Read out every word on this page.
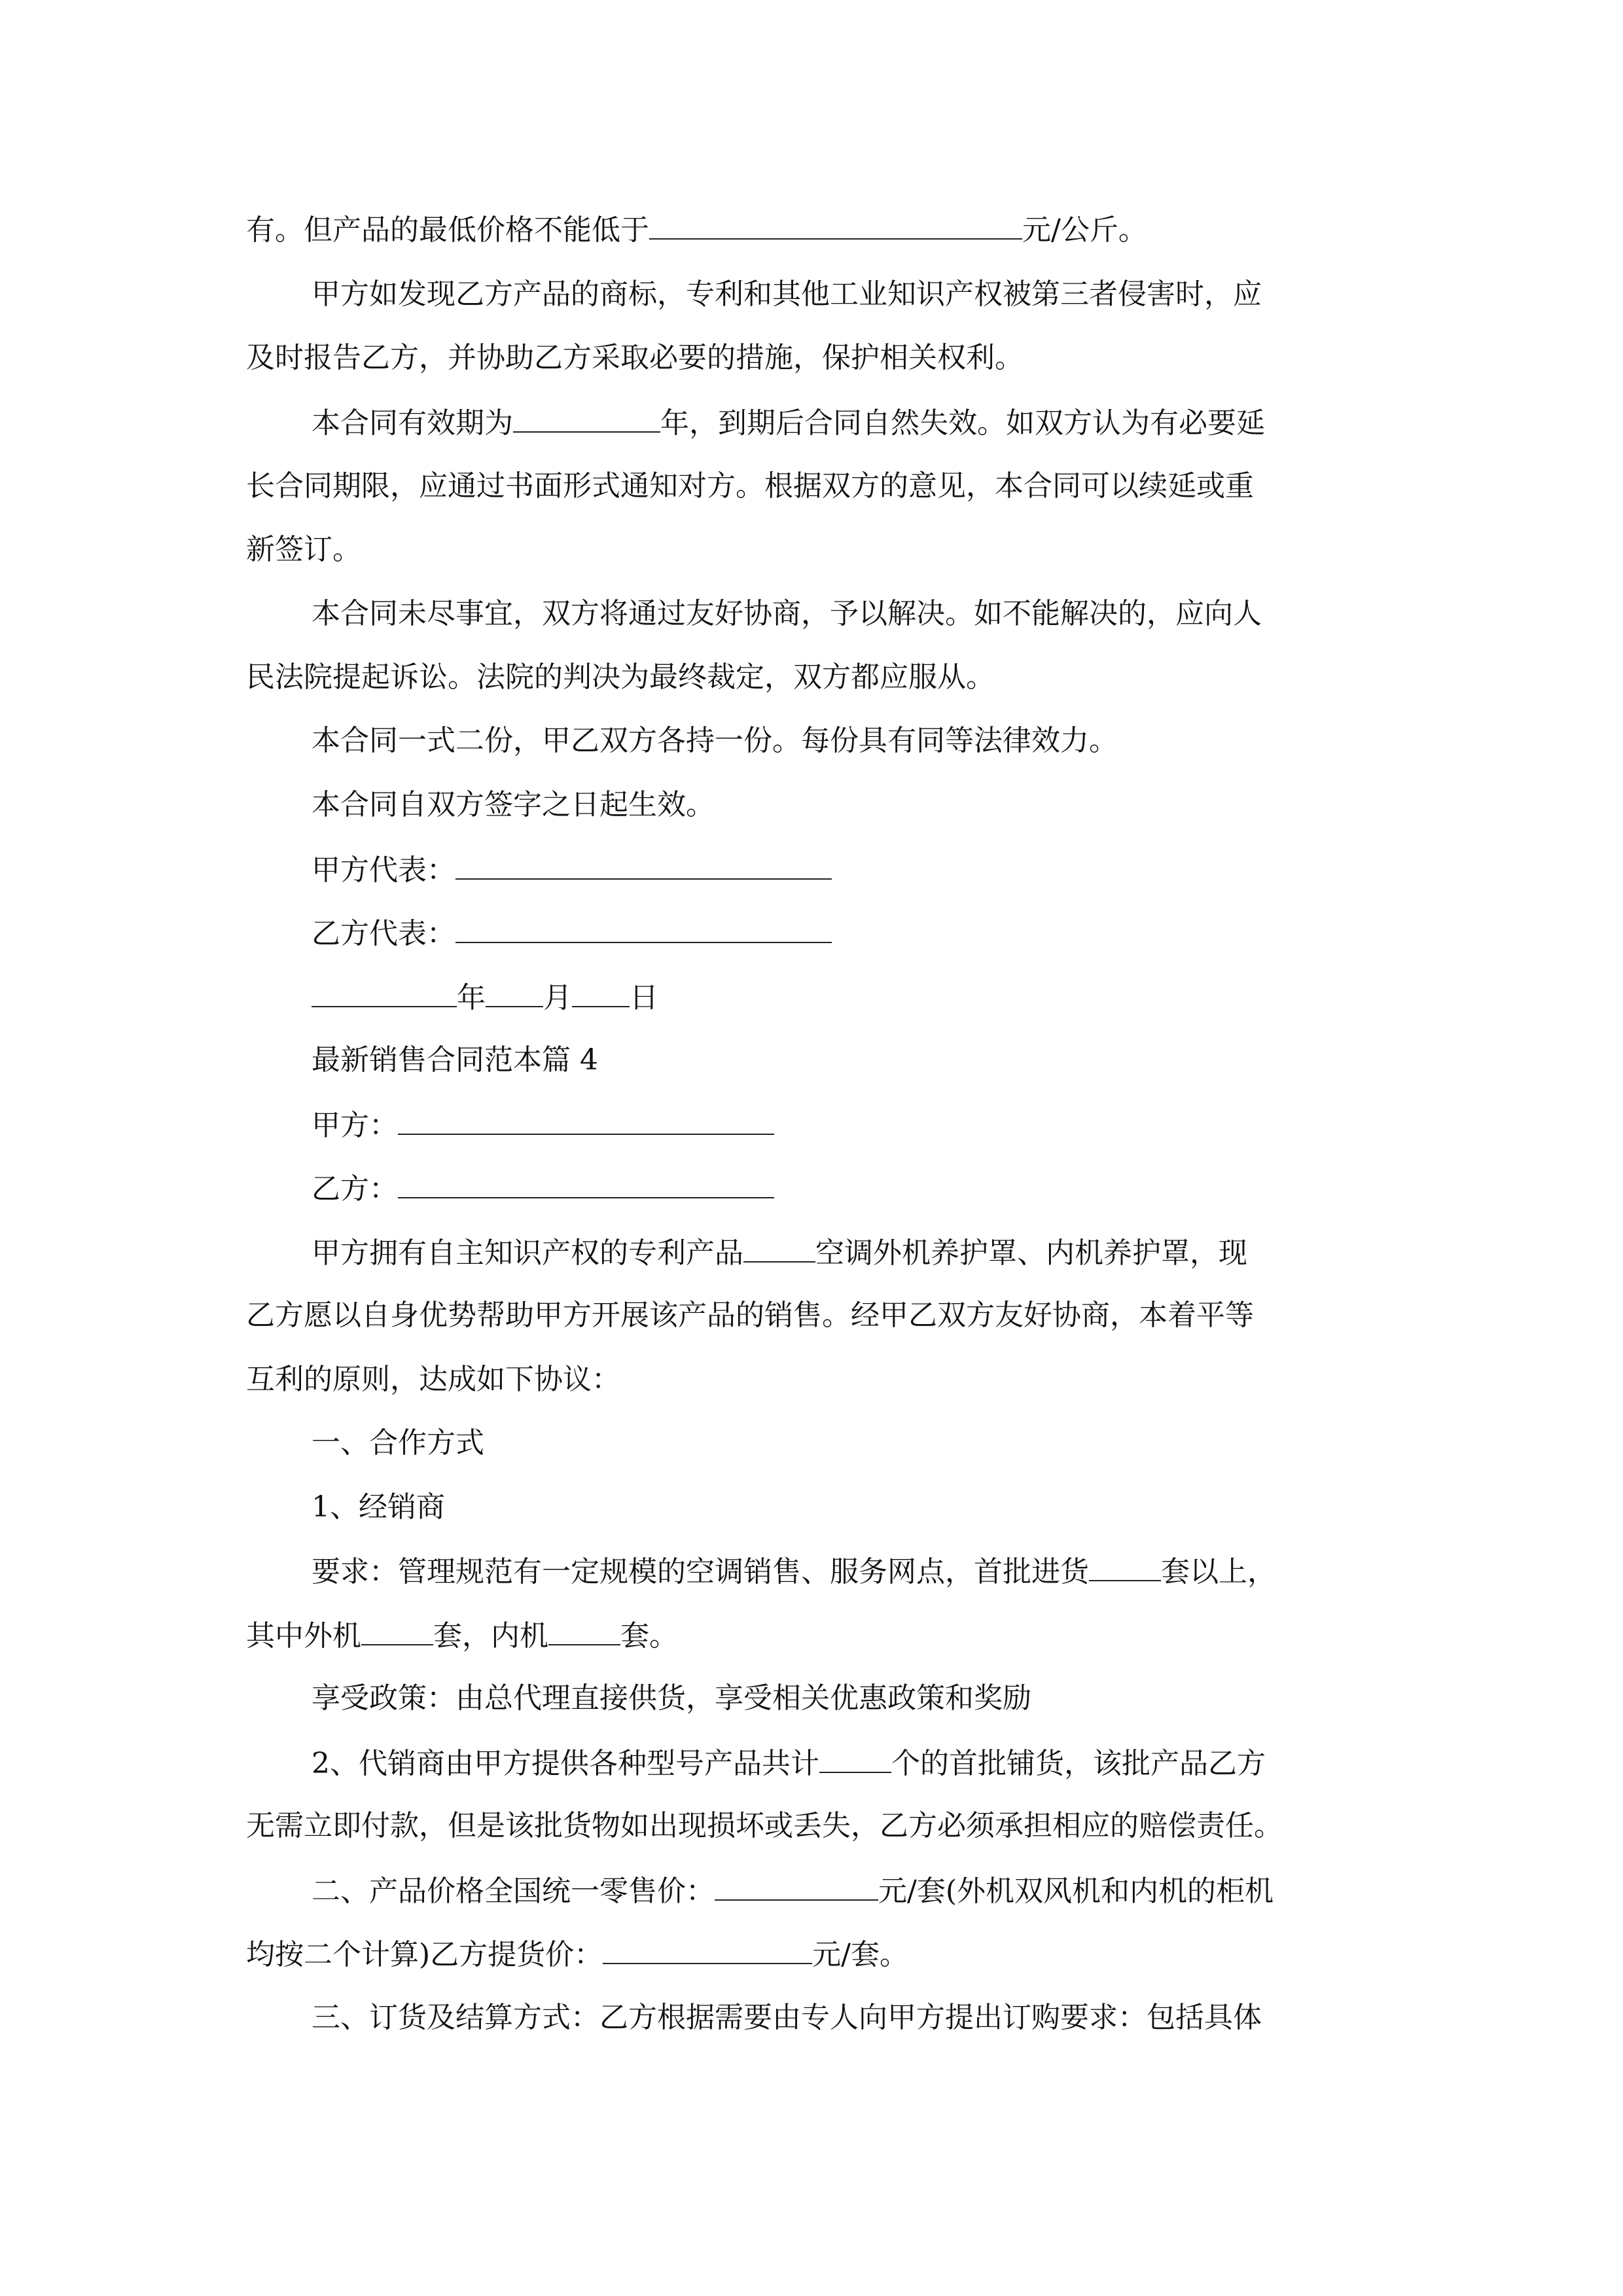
有。但产品的最低价格不能低于	元/公斤。
甲方如发现乙方产品的商标，专利和其他工业知识产权被第三者侵害时，应
及时报告乙方，并协助乙方采取必要的措施，保护相关权利。
本合同有效期为	年，到期后合同自然失效。如双方认为有必要延
长合同期限，应通过书面形式通知对方。根据双方的意见，本合同可以续延或重
新签订。
本合同未尽事宜，双方将通过友好协商，予以解决。如不能解决的，应向人
民法院提起诉讼。法院的判决为最终裁定，双方都应服从。
本合同一式二份，甲乙双方各持一份。每份具有同等法律效力。
本合同自双方签字之日起生效。
甲方代表：
乙方代表：
年 月 日
最新销售合同范本篇 4
甲方：
乙方：
甲方拥有自主知识产权的专利产品	空调外机养护罩、内机养护罩，现
乙方愿以自身优势帮助甲方开展该产品的销售。经甲乙双方友好协商，本着平等
互利的原则，达成如下协议：
一、合作方式
1、经销商
要求：管理规范有一定规模的空调销售、服务网点，首批进货	套以上，
其中外机	套，内机	套。
享受政策：由总代理直接供货，享受相关优惠政策和奖励
2、代销商由甲方提供各种型号产品共计	个的首批铺货，该批产品乙方
无需立即付款，但是该批货物如出现损坏或丢失，乙方必须承担相应的赔偿责任。
二、产品价格全国统一零售价：	元/套(外机双风机和内机的柜机
均按二个计算)乙方提货价：	元/套。
三、订货及结算方式：乙方根据需要由专人向甲方提出订购要求：包括具体
